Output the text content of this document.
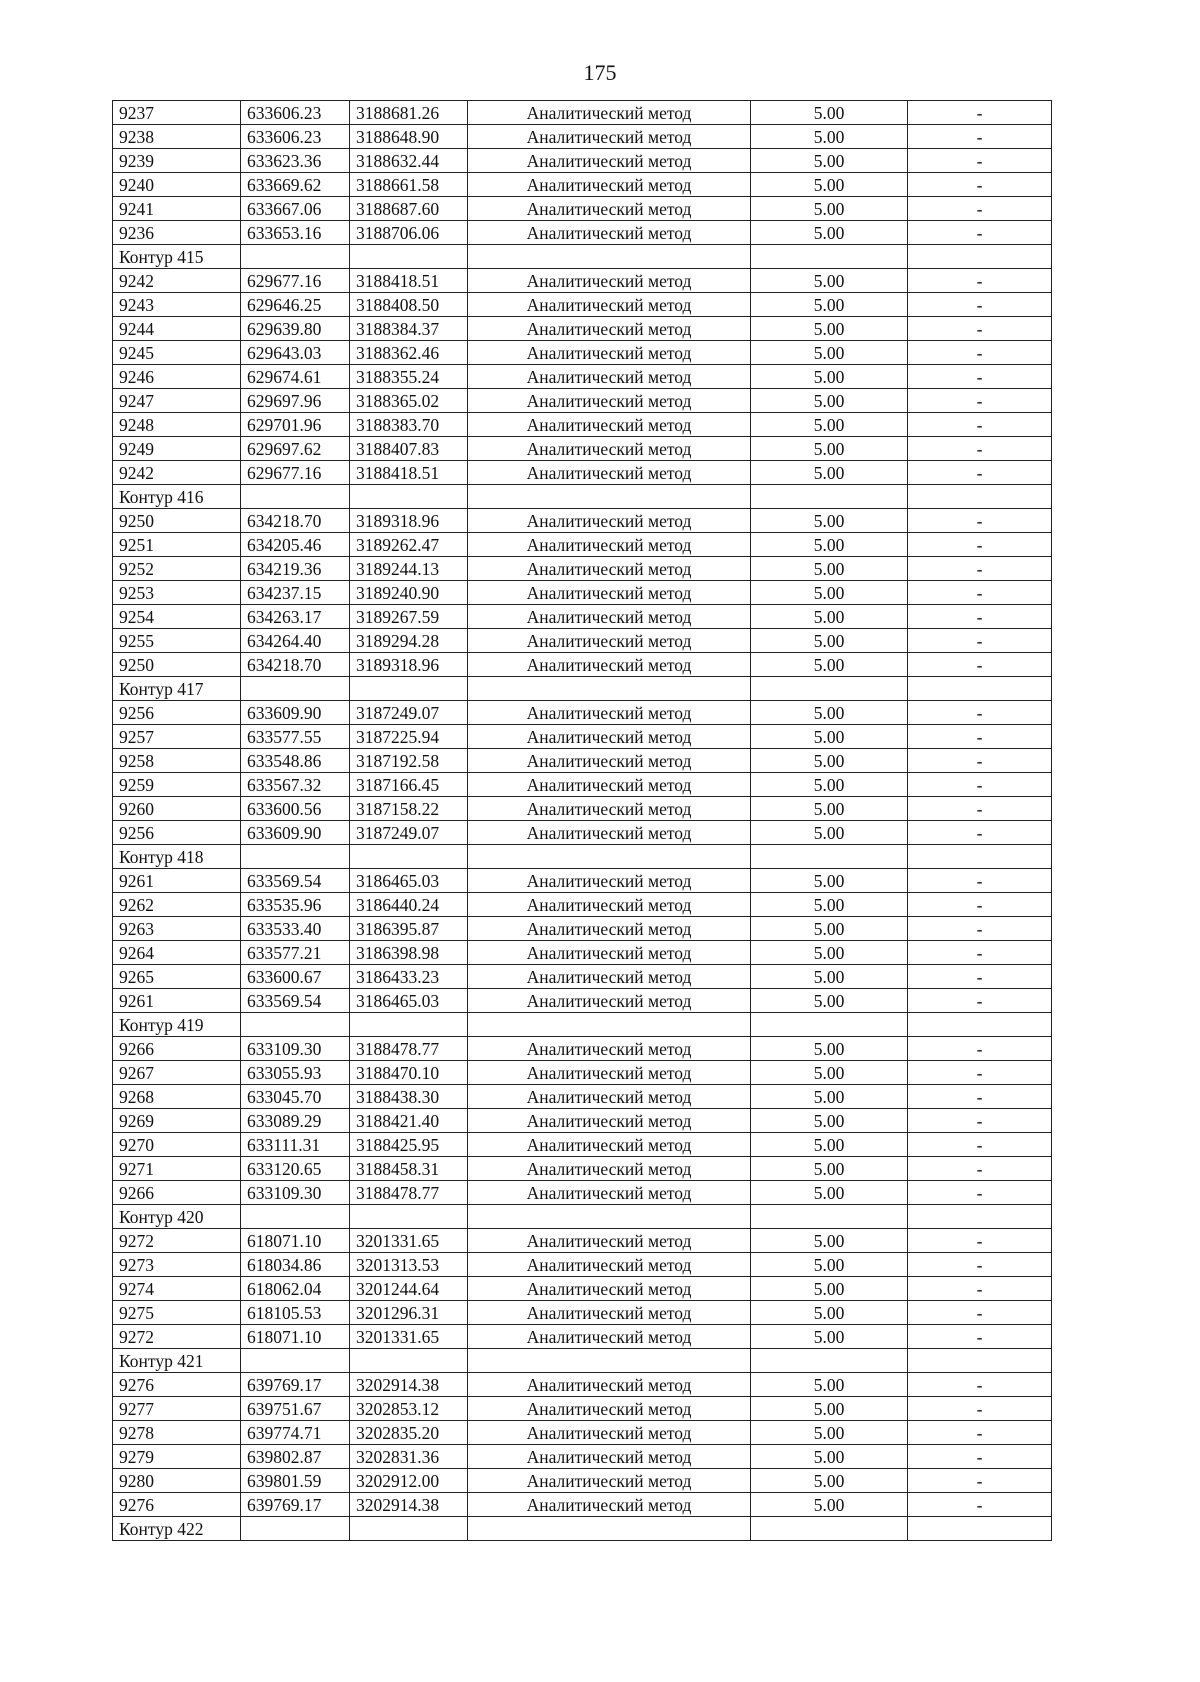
175
9237	633606.23	3188681.26	Аналитический метод	5.00	-
9238	633606.23	3188648.90	Аналитический метод	5.00	-
9239	633623.36	3188632.44	Аналитический метод	5.00	-
9240	633669.62	3188661.58	Аналитический метод	5.00	-
9241	633667.06	3188687.60	Аналитический метод	5.00	-
9236	633653.16	3188706.06	Аналитический метод	5.00	-
Контур 415					
9242	629677.16	3188418.51	Аналитический метод	5.00	-
9243	629646.25	3188408.50	Аналитический метод	5.00	-
9244	629639.80	3188384.37	Аналитический метод	5.00	-
9245	629643.03	3188362.46	Аналитический метод	5.00	-
9246	629674.61	3188355.24	Аналитический метод	5.00	-
9247	629697.96	3188365.02	Аналитический метод	5.00	-
9248	629701.96	3188383.70	Аналитический метод	5.00	-
9249	629697.62	3188407.83	Аналитический метод	5.00	-
9242	629677.16	3188418.51	Аналитический метод	5.00	-
Контур 416					
9250	634218.70	3189318.96	Аналитический метод	5.00	-
9251	634205.46	3189262.47	Аналитический метод	5.00	-
9252	634219.36	3189244.13	Аналитический метод	5.00	-
9253	634237.15	3189240.90	Аналитический метод	5.00	-
9254	634263.17	3189267.59	Аналитический метод	5.00	-
9255	634264.40	3189294.28	Аналитический метод	5.00	-
9250	634218.70	3189318.96	Аналитический метод	5.00	-
Контур 417					
9256	633609.90	3187249.07	Аналитический метод	5.00	-
9257	633577.55	3187225.94	Аналитический метод	5.00	-
9258	633548.86	3187192.58	Аналитический метод	5.00	-
9259	633567.32	3187166.45	Аналитический метод	5.00	-
9260	633600.56	3187158.22	Аналитический метод	5.00	-
9256	633609.90	3187249.07	Аналитический метод	5.00	-
Контур 418					
9261	633569.54	3186465.03	Аналитический метод	5.00	-
9262	633535.96	3186440.24	Аналитический метод	5.00	-
9263	633533.40	3186395.87	Аналитический метод	5.00	-
9264	633577.21	3186398.98	Аналитический метод	5.00	-
9265	633600.67	3186433.23	Аналитический метод	5.00	-
9261	633569.54	3186465.03	Аналитический метод	5.00	-
Контур 419					
9266	633109.30	3188478.77	Аналитический метод	5.00	-
9267	633055.93	3188470.10	Аналитический метод	5.00	-
9268	633045.70	3188438.30	Аналитический метод	5.00	-
9269	633089.29	3188421.40	Аналитический метод	5.00	-
9270	633111.31	3188425.95	Аналитический метод	5.00	-
9271	633120.65	3188458.31	Аналитический метод	5.00	-
9266	633109.30	3188478.77	Аналитический метод	5.00	-
Контур 420					
9272	618071.10	3201331.65	Аналитический метод	5.00	-
9273	618034.86	3201313.53	Аналитический метод	5.00	-
9274	618062.04	3201244.64	Аналитический метод	5.00	-
9275	618105.53	3201296.31	Аналитический метод	5.00	-
9272	618071.10	3201331.65	Аналитический метод	5.00	-
Контур 421					
9276	639769.17	3202914.38	Аналитический метод	5.00	-
9277	639751.67	3202853.12	Аналитический метод	5.00	-
9278	639774.71	3202835.20	Аналитический метод	5.00	-
9279	639802.87	3202831.36	Аналитический метод	5.00	-
9280	639801.59	3202912.00	Аналитический метод	5.00	-
9276	639769.17	3202914.38	Аналитический метод	5.00	-
Контур 422					
